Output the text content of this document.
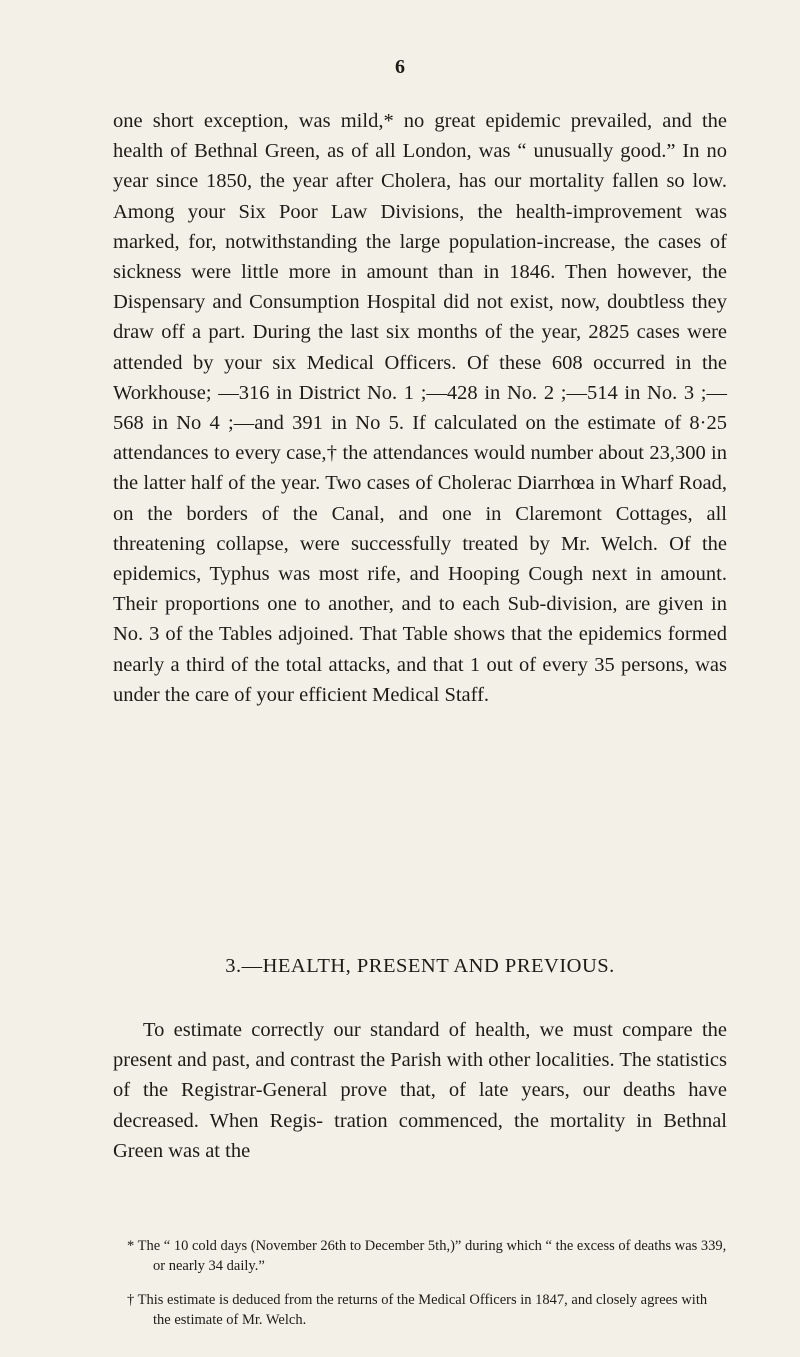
6

one short exception, was mild,* no great epidemic prevailed, and the health of Bethnal Green, as of all London, was “ unusually good.” In no year since 1850, the year after Cholera, has our mortality fallen so low. Among your Six Poor Law Divisions, the health-improvement was marked, for, notwithstanding the large population-increase, the cases of sickness were little more in amount than in 1846. Then however, the Dispensary and Consumption Hospital did not exist, now, doubtless they draw off a part. During the last six months of the year, 2825 cases were attended by your six Medical Officers. Of these 608 occurred in the Workhouse; —316 in District No. 1 ;—428 in No. 2 ;—514 in No. 3 ;— 568 in No 4 ;—and 391 in No 5. If calculated on the estimate of 8·25 attendances to every case,† the attendances would number about 23,300 in the latter half of the year. Two cases of Cholerac Diarrhœa in Wharf Road, on the borders of the Canal, and one in Claremont Cottages, all threatening collapse, were successfully treated by Mr. Welch. Of the epidemics, Typhus was most rife, and Hooping Cough next in amount. Their proportions one to another, and to each Sub-division, are given in No. 3 of the Tables adjoined. That Table shows that the epidemics formed nearly a third of the total attacks, and that 1 out of every 35 persons, was under the care of your efficient Medical Staff.

3.—HEALTH, PRESENT AND PREVIOUS.

To estimate correctly our standard of health, we must compare the present and past, and contrast the Parish with other localities. The statistics of the Registrar-General prove that, of late years, our deaths have decreased. When Regis- tration commenced, the mortality in Bethnal Green was at the

* The “ 10 cold days (November 26th to December 5th,)” during which “ the excess of deaths was 339, or nearly 34 daily.”

† This estimate is deduced from the returns of the Medical Officers in 1847, and closely agrees with the estimate of Mr. Welch.
